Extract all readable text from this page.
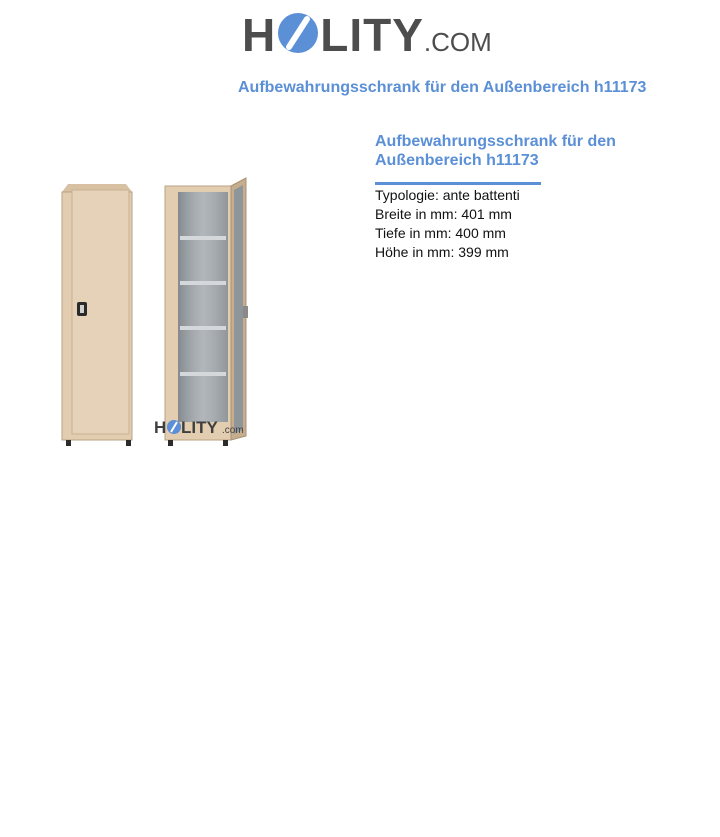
H LITY.COM
Aufbewahrungsschrank für den Außenbereich h11173
H LITY .com
Aufbewahrungsschrank für den Außenbereich h11173
Typologie: ante battenti
Breite in mm: 401 mm
Tiefe in mm: 400 mm
Höhe in mm: 399 mm
